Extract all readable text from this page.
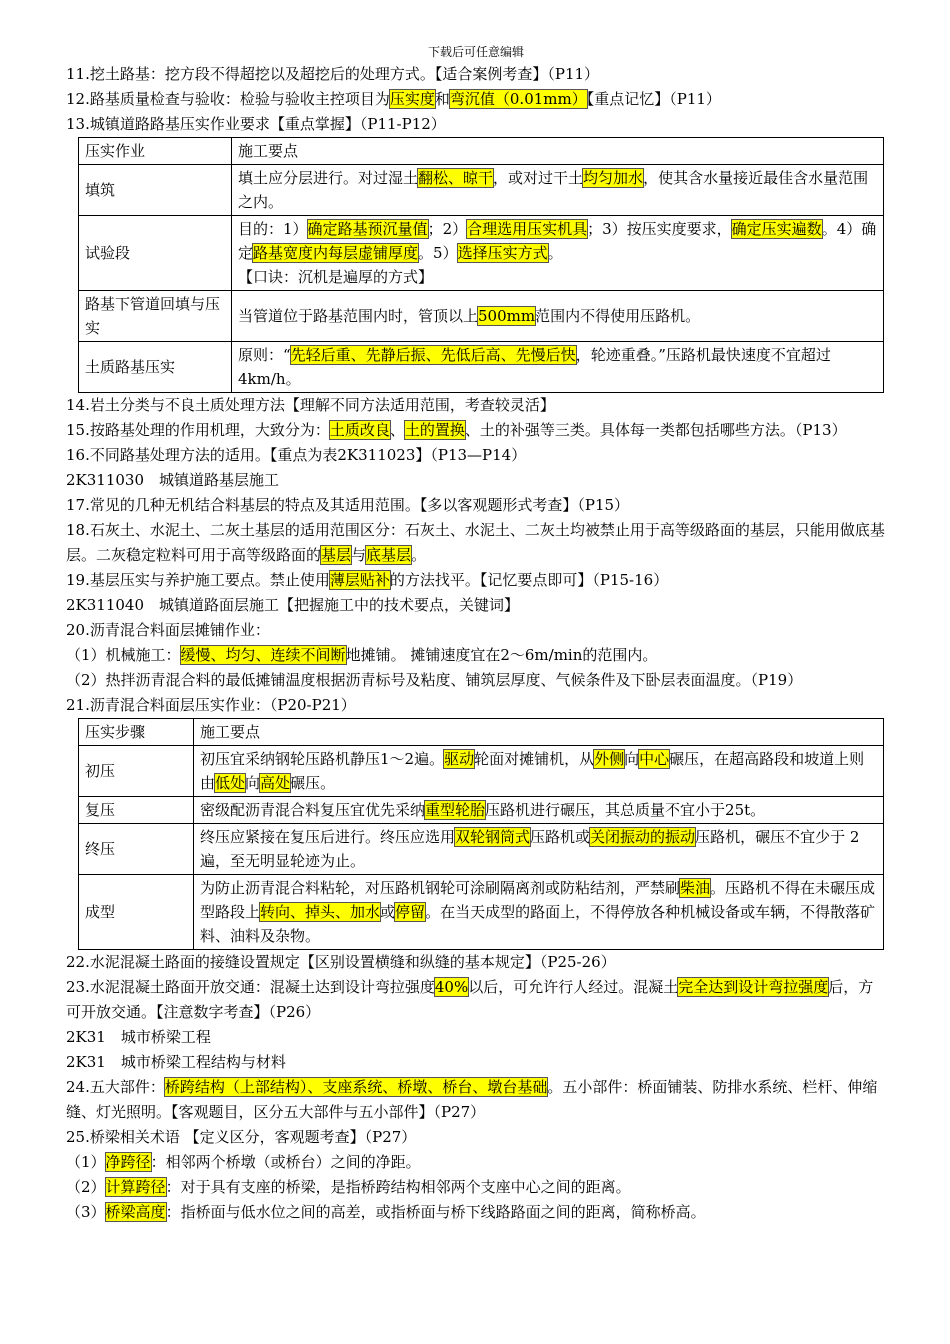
下载后可任意编辑
11.挖土路基：挖方段不得超挖以及超挖后的处理方式。【适合案例考查】（P11）
12.路基质量检查与验收：检验与验收主控项目为压实度和弯沉值（0.01mm）【重点记忆】（P11）
13.城镇道路路基压实作业要求【重点掌握】（P11-P12）
压实作业	施工要点
填筑	填土应分层进行。对过湿土翻松、晾干，或对过干土均匀加水，使其含水量接近最佳含水量范围之内。
试验段	目的：1）确定路基预沉量值；2）合理选用压实机具；3）按压实度要求，确定压实遍数。4）确定路基宽度内每层虚铺厚度。5）选择压实方式。
【口诀：沉机是遍厚的方式】
路基下管道回填与压实	当管道位于路基范围内时，管顶以上500mm范围内不得使用压路机。
土质路基压实	原则：“先轻后重、先静后振、先低后高、先慢后快，轮迹重叠。”压路机最快速度不宜超过4km/h。
14.岩土分类与不良土质处理方法【理解不同方法适用范围，考查较灵活】
15.按路基处理的作用机理，大致分为：土质改良、土的置换、土的补强等三类。具体每一类都包括哪些方法。（P13）
16.不同路基处理方法的适用。【重点为表2K311023】（P13—P14）
2K311030　城镇道路基层施工
17.常见的几种无机结合料基层的特点及其适用范围。【多以客观题形式考查】（P15）
18.石灰土、水泥土、二灰土基层的适用范围区分：石灰土、水泥土、二灰土均被禁止用于高等级路面的基层，只能用做底基层。二灰稳定粒料可用于高等级路面的基层与底基层。
19.基层压实与养护施工要点。禁止使用薄层贴补的方法找平。【记忆要点即可】（P15-16）
2K311040　城镇道路面层施工【把握施工中的技术要点，关键词】
20.沥青混合料面层摊铺作业：
（1）机械施工：缓慢、均匀、连续不间断地摊铺。 摊铺速度宜在2～6m/min的范围内。
（2）热拌沥青混合料的最低摊铺温度根据沥青标号及粘度、铺筑层厚度、气候条件及下卧层表面温度。（P19）
21.沥青混合料面层压实作业：（P20-P21）
压实步骤	施工要点
初压	初压宜采纳钢轮压路机静压1～2遍。驱动轮面对摊铺机，从外侧向中心碾压，在超高路段和坡道上则由低处向高处碾压。
复压	密级配沥青混合料复压宜优先采纳重型轮胎压路机进行碾压，其总质量不宜小于25t。
终压	终压应紧接在复压后进行。终压应选用双轮钢筒式压路机或关闭振动的振动压路机，碾压不宜少于 2遍，至无明显轮迹为止。
成型	为防止沥青混合料粘轮，对压路机钢轮可涂刷隔离剂或防粘结剂，严禁刷柴油。压路机不得在未碾压成型路段上转向、掉头、加水或停留。在当天成型的路面上，不得停放各种机械设备或车辆，不得散落矿料、油料及杂物。
22.水泥混凝土路面的接缝设置规定【区别设置横缝和纵缝的基本规定】（P25-26）
23.水泥混凝土路面开放交通：混凝土达到设计弯拉强度40%以后，可允许行人经过。混凝土完全达到设计弯拉强度后，方可开放交通。【注意数字考查】（P26）
2K31　城市桥梁工程
2K31　城市桥梁工程结构与材料
24.五大部件：桥跨结构（上部结构）、支座系统、桥墩、桥台、墩台基础。五小部件：桥面铺装、防排水系统、栏杆、伸缩缝、灯光照明。【客观题目，区分五大部件与五小部件】（P27）
25.桥梁相关术语 【定义区分，客观题考查】（P27）
（1）净跨径：相邻两个桥墩（或桥台）之间的净距。
（2）计算跨径：对于具有支座的桥梁，是指桥跨结构相邻两个支座中心之间的距离。
（3）桥梁高度：指桥面与低水位之间的高差，或指桥面与桥下线路路面之间的距离，简称桥高。
